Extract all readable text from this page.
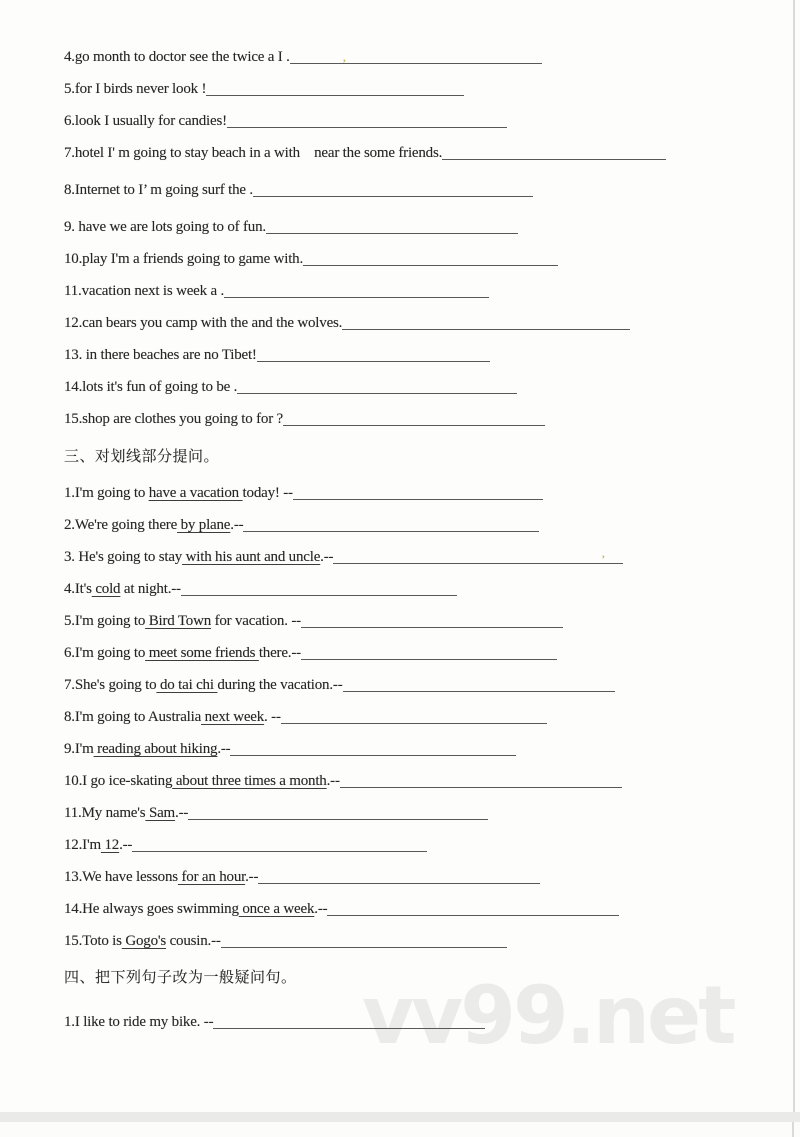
vv99.net
4.go month to doctor see the twice a I .
5.for I birds never look !
6.look I usually for candies!
7.hotel I' m going to stay beach in a with    near the some friends.
8.Internet to I’ m going surf the .
9. have we are lots going to of fun.
10.play I'm a friends going to game with.
11.vacation next is week a .
12.can bears you camp with the and the wolves.
13. in there beaches are no Tibet!
14.lots it's fun of going to be .
15.shop are clothes you going to for ?
三、对划线部分提问。
1.I'm going to have a vacation today! --
2.We're going there by plane.--
3. He's going to stay with his aunt and uncle.--
4.It's cold at night.--
5.I'm going to Bird Town for vacation. --
6.I'm going to meet some friends there.--
7.She's going to do tai chi during the vacation.--
8.I'm going to Australia next week. --
9.I'm reading about hiking.--
10.I go ice-skating about three times a month.--
11.My name's Sam.--
12.I'm 12.--
13.We have lessons for an hour.--
14.He always goes swimming once a week.--
15.Toto is Gogo's cousin.--
四、把下列句子改为一般疑问句。
1.I like to ride my bike. --
,
,
